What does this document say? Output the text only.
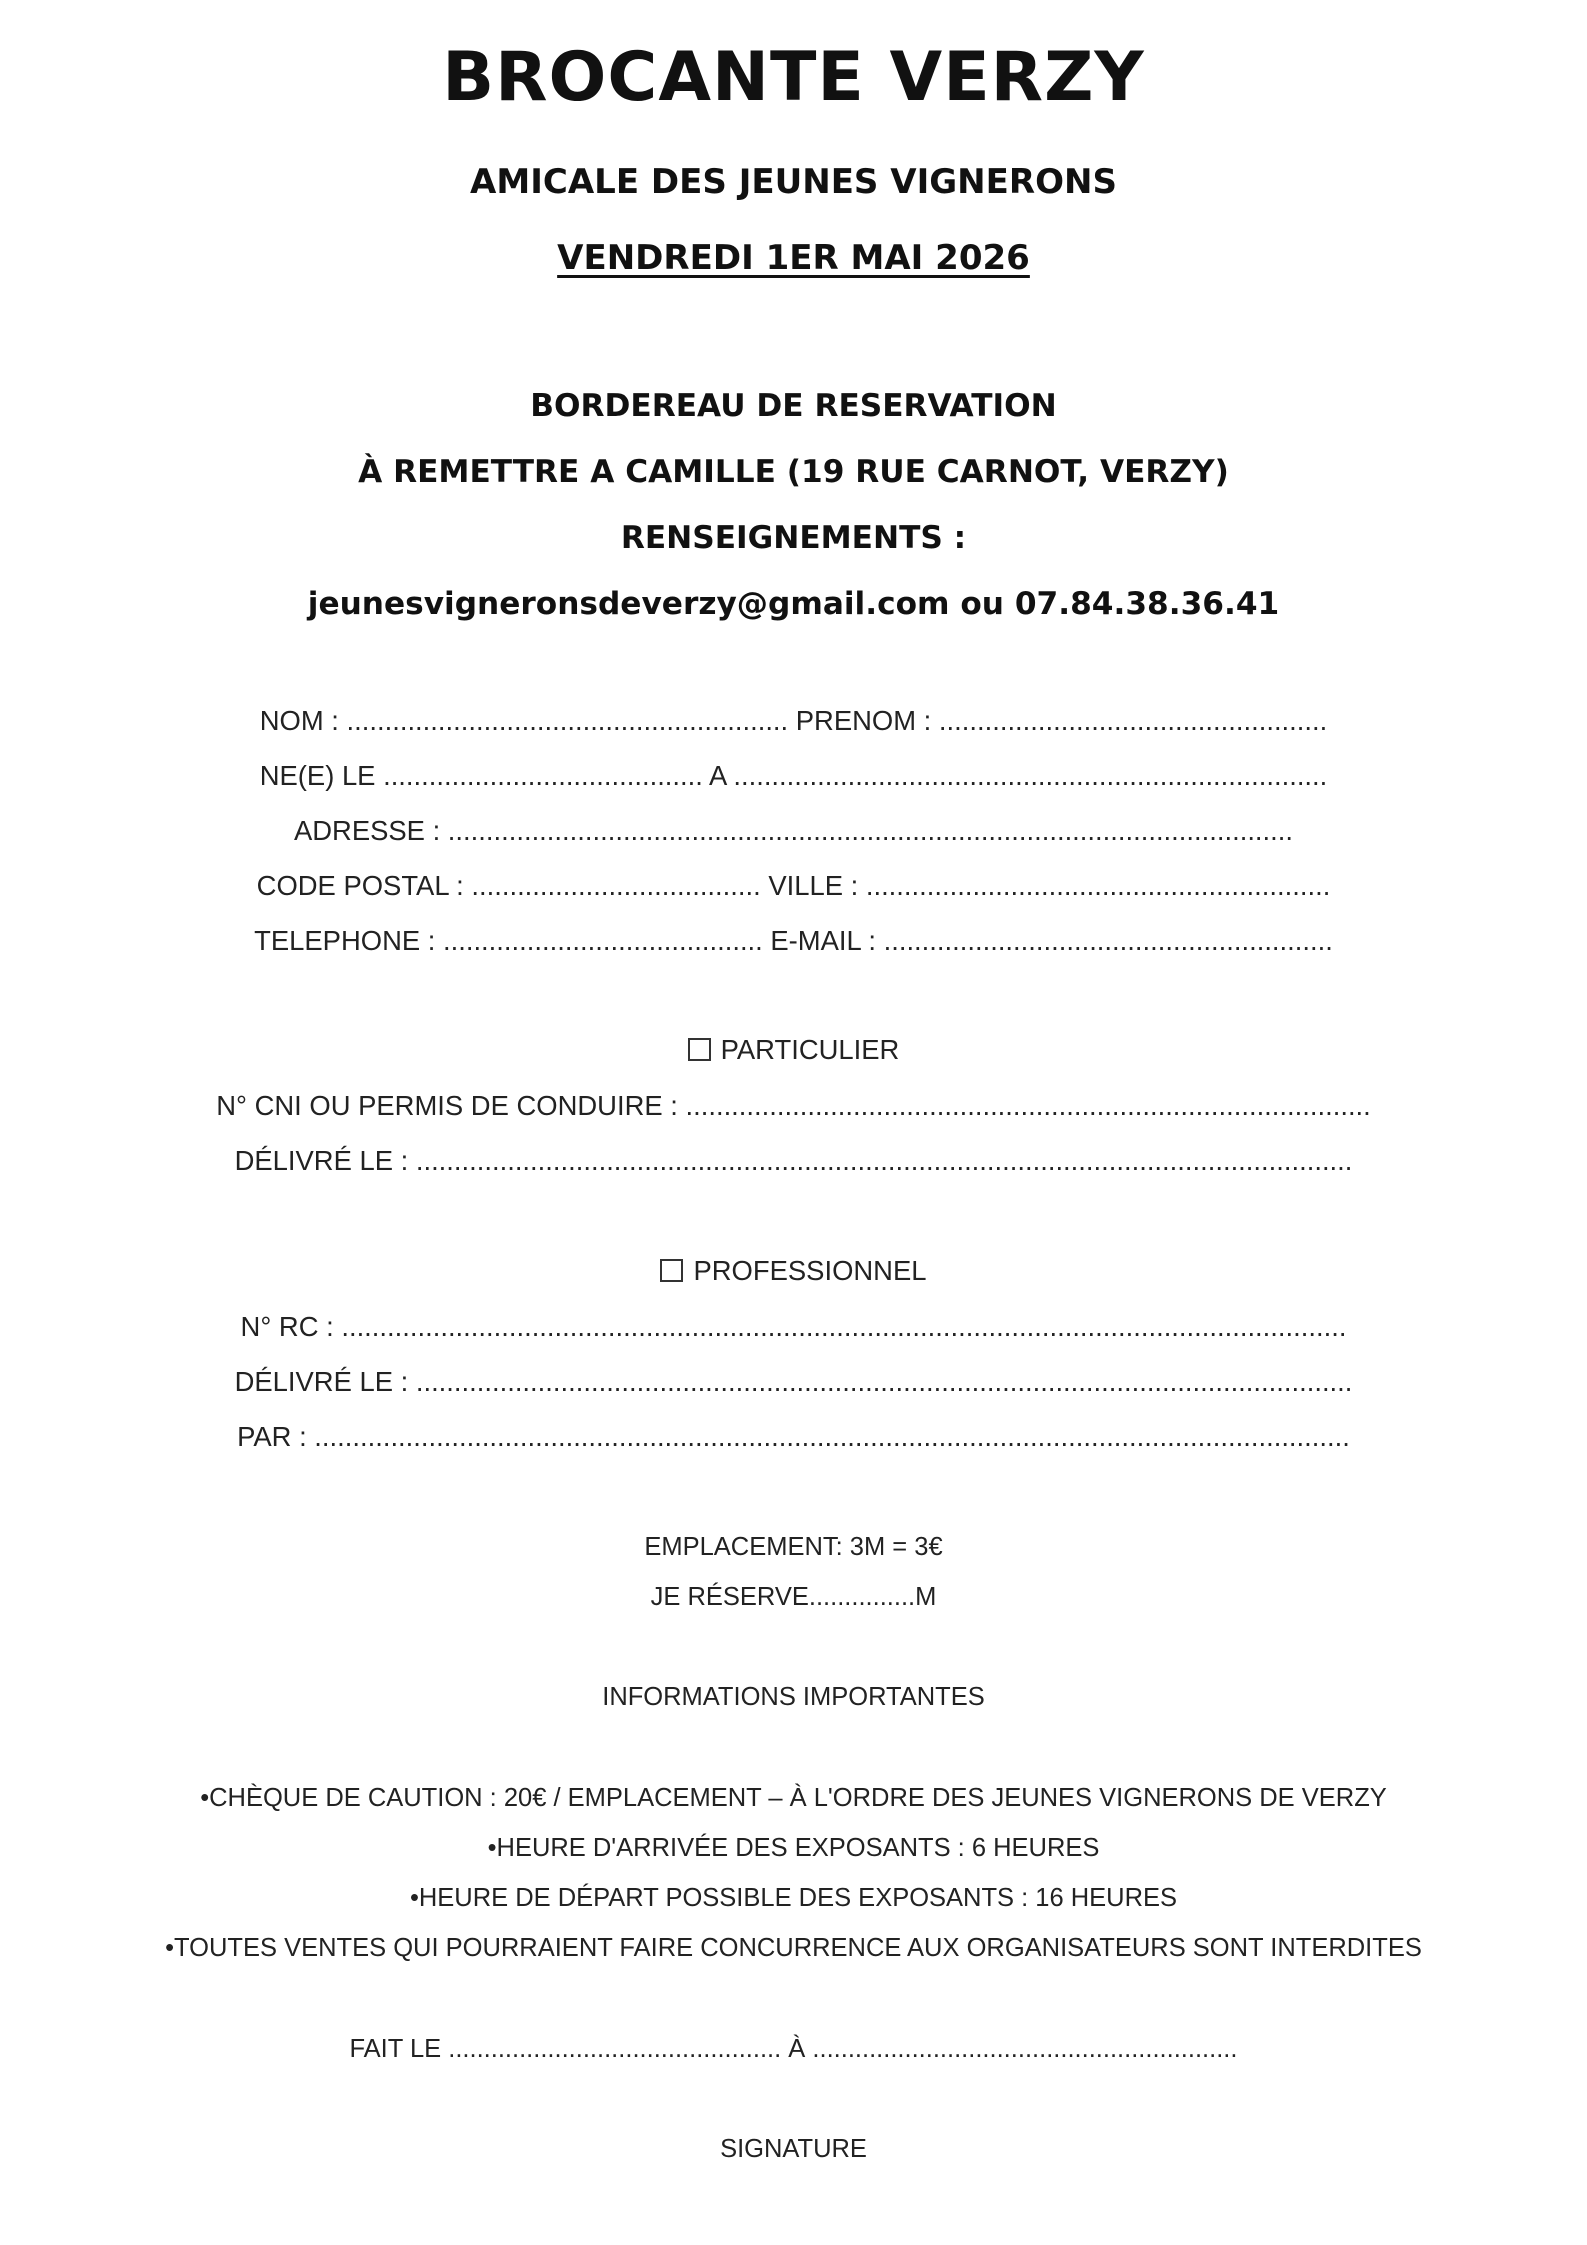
BROCANTE VERZY
AMICALE DES JEUNES VIGNERONS
VENDREDI 1ER MAI 2026
BORDEREAU DE RESERVATION
À REMETTRE A CAMILLE (19 RUE CARNOT, VERZY)
RENSEIGNEMENTS :
jeunesvigneronsdeverzy@gmail.com ou 07.84.38.36.41
NOM : .......................................................... PRENOM : ...................................................
NE(E) LE .......................................... A ..............................................................................
ADRESSE : ...............................................................................................................
CODE POSTAL : ...................................... VILLE : .............................................................
TELEPHONE : .......................................... E-MAIL : ...........................................................
PARTICULIER
N° CNI OU PERMIS DE CONDUIRE : ..........................................................................................
DÉLIVRÉ LE : ...........................................................................................................................
PROFESSIONNEL
N° RC : ....................................................................................................................................
DÉLIVRÉ LE : ...........................................................................................................................
PAR : ........................................................................................................................................
EMPLACEMENT: 3M = 3€
JE RÉSERVE...............M
INFORMATIONS IMPORTANTES
•CHÈQUE DE CAUTION : 20€ / EMPLACEMENT – À L'ORDRE DES JEUNES VIGNERONS DE VERZY
•HEURE D'ARRIVÉE DES EXPOSANTS : 6 HEURES
•HEURE DE DÉPART POSSIBLE DES EXPOSANTS : 16 HEURES
•TOUTES VENTES QUI POURRAIENT FAIRE CONCURRENCE AUX ORGANISATEURS SONT INTERDITES
FAIT LE ............................................... À ............................................................
SIGNATURE
